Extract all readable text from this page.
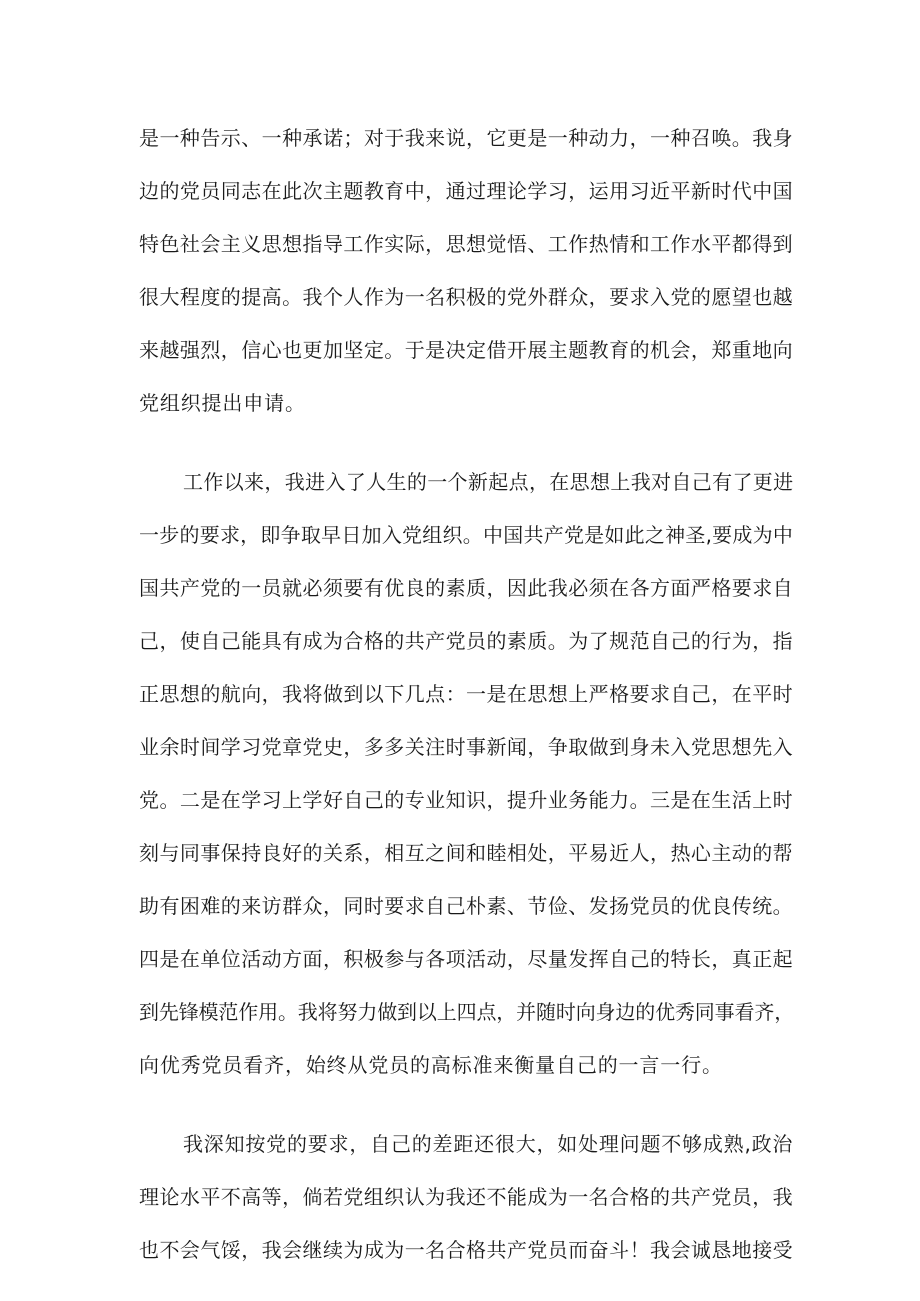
是一种告示、一种承诺；对于我来说，它更是一种动力，一种召唤。我身
边的党员同志在此次主题教育中，通过理论学习，运用习近平新时代中国
特色社会主义思想指导工作实际，思想觉悟、工作热情和工作水平都得到
很大程度的提高。我个人作为一名积极的党外群众，要求入党的愿望也越
来越强烈，信心也更加坚定。于是决定借开展主题教育的机会，郑重地向
党组织提出申请。
工作以来，我进入了人生的一个新起点，在思想上我对自己有了更进
一步的要求，即争取早日加入党组织。中国共产党是如此之神圣,要成为中
国共产党的一员就必须要有优良的素质，因此我必须在各方面严格要求自
己，使自己能具有成为合格的共产党员的素质。为了规范自己的行为，指
正思想的航向，我将做到以下几点：一是在思想上严格要求自己，在平时
业余时间学习党章党史，多多关注时事新闻，争取做到身未入党思想先入
党。二是在学习上学好自己的专业知识，提升业务能力。三是在生活上时
刻与同事保持良好的关系，相互之间和睦相处，平易近人，热心主动的帮
助有困难的来访群众，同时要求自己朴素、节俭、发扬党员的优良传统。
四是在单位活动方面，积极参与各项活动，尽量发挥自己的特长，真正起
到先锋模范作用。我将努力做到以上四点，并随时向身边的优秀同事看齐，
向优秀党员看齐，始终从党员的高标准来衡量自己的一言一行。
我深知按党的要求，自己的差距还很大，如处理问题不够成熟,政治
理论水平不高等，倘若党组织认为我还不能成为一名合格的共产党员，我
也不会气馁，我会继续为成为一名合格共产党员而奋斗！我会诚恳地接受
